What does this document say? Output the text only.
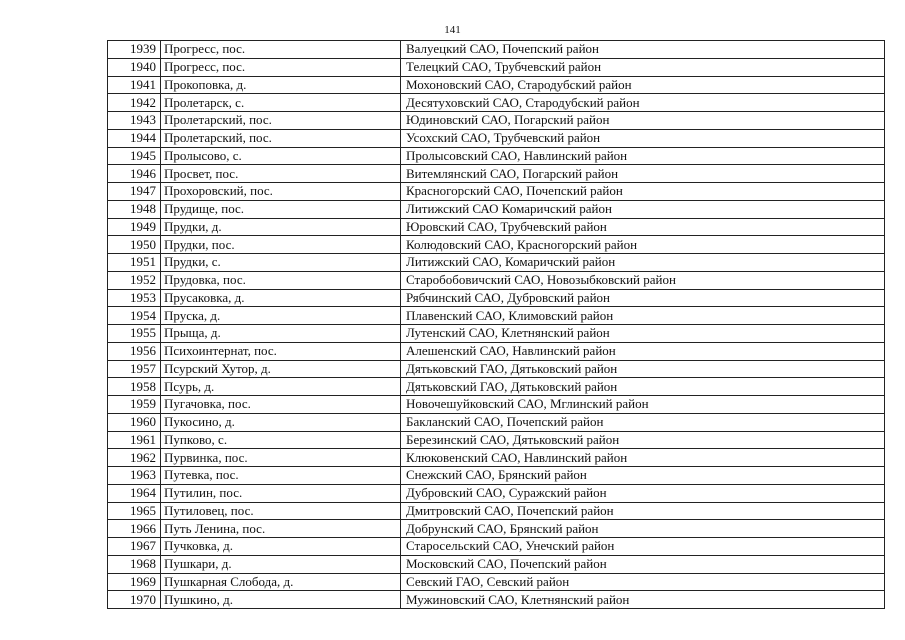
141
1939	Прогресс, пос.	Валуецкий САО, Почепский район
1940	Прогресс, пос.	Телецкий САО, Трубчевский район
1941	Прокоповка, д.	Мохоновский САО, Стародубский район
1942	Пролетарск, с.	Десятуховский САО, Стародубский район
1943	Пролетарский, пос.	Юдиновский САО, Погарский район
1944	Пролетарский, пос.	Усохский САО, Трубчевский район
1945	Пролысово, с.	Пролысовский САО, Навлинский район
1946	Просвет, пос.	Витемлянский САО, Погарский район
1947	Прохоровский, пос.	Красногорский САО, Почепский район
1948	Прудище, пос.	Литижский САО Комаричский район
1949	Прудки, д.	Юровский САО, Трубчевский район
1950	Прудки, пос.	Колюдовский САО, Красногорский район
1951	Прудки, с.	Литижский САО, Комаричский район
1952	Прудовка, пос.	Старобобовичский САО, Новозыбковский район
1953	Прусаковка, д.	Рябчинский САО, Дубровский район
1954	Пруска, д.	Плавенский САО, Климовский район
1955	Прыща, д.	Лутенский САО, Клетнянский район
1956	Психоинтернат, пос.	Алешенский САО, Навлинский район
1957	Псурский Хутор, д.	Дятьковский ГАО, Дятьковский район
1958	Псурь, д.	Дятьковский ГАО, Дятьковский район
1959	Пугачовка, пос.	Новочешуйковский САО, Мглинский район
1960	Пукосино, д.	Бакланский САО, Почепский район
1961	Пупково, с.	Березинский САО, Дятьковский район
1962	Пурвинка, пос.	Клюковенский САО, Навлинский район
1963	Путевка, пос.	Снежский САО, Брянский район
1964	Путилин, пос.	Дубровский САО, Суражский район
1965	Путиловец, пос.	Дмитровский САО, Почепский район
1966	Путь Ленина, пос.	Добрунский САО, Брянский район
1967	Пучковка, д.	Старосельский САО, Унечский район
1968	Пушкари, д.	Московский САО, Почепский район
1969	Пушкарная Слобода, д.	Севский ГАО, Севский район
1970	Пушкино, д.	Мужиновский САО, Клетнянский район
